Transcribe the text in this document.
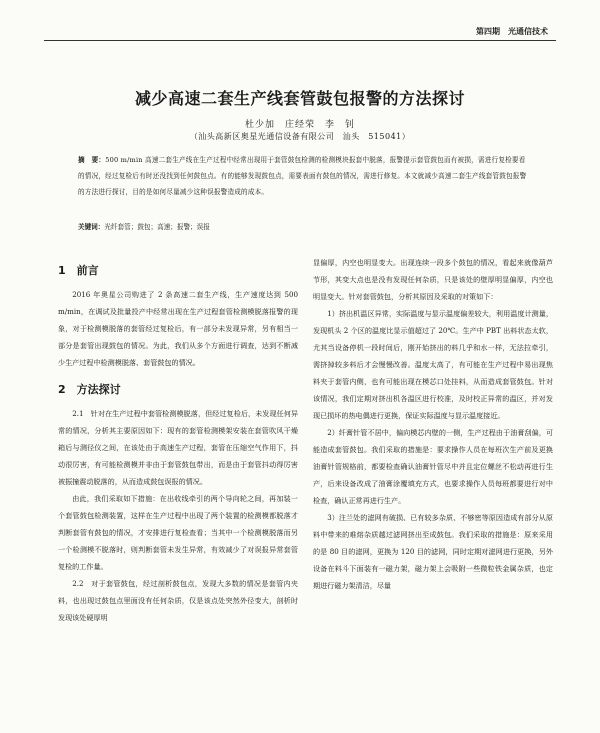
第四期　光通信技术
减少高速二套生产线套管鼓包报警的方法探讨
杜少加　庄经荣　李　钊
（汕头高新区奥星光通信设备有限公司　汕头　515041）
摘　要：500 m/min 高速二套生产线在生产过程中经常出现用于套管鼓包检测的检测模块报套中脱落，报警提示套管鼓包而有被损，需进行复检要看的情况，经过复检后有时还没找到任何鼓包点。有的能够发现鼓包点，需要表面有鼓包的情况，需进行修复。本文就减少高速二套生产线套管鼓包报警的方法进行探讨，目的是如何尽量减少这种误报警造成的成本。
关键词：光纤套管；鼓包；高速；报警；误报
1　前言

2016 年奥星公司购进了 2 条高速二套生产线，生产速度达到 500 m/min，在调试及批量投产中经常出现在生产过程套管检测模脱落报警的现象，对于检测模脱落的套管经过复检后，有一部分未发现异常，另有相当一部分是套管出现鼓包的情况。为此，我们从多个方面进行调查，达到不断减少生产过程中检测模脱落、套管鼓包的情况。

2　方法探讨

2.1　针对在生产过程中套管检测模脱落，但经过复检后，未发现任何异常的情况，分析其主要原因如下：现有的套管检测模架安装在套管吹风干燥箱后与测径仪之间，在该处由于高速生产过程，套管在压缩空气作用下，抖动很厉害，有可能检测模并非由于套管鼓包带出，而是由于套管抖动得厉害被振撞震动脱落的，从而造成鼓包误报的情况。

由此，我们采取如下措施：在出收线牵引的两个导向轮之间，再加装一个套管鼓包检测装置，这样在生产过程中出现了两个装置的检测模都脱落才判断套管有鼓包的情况，才安排进行复检查看；当其中一个检测模脱落而另一个检测模不脱落时，则判断套管未发生异常，有效减少了对误报异常套管复检的工作量。

2.2　对于套管鼓包，经过剖析鼓包点，发现大多数的情况是套管内夹料，也出现过鼓包点里面没有任何杂质，仅是该点处突然外径变大，剖析时发现该处硬厚明

显偏厚，内空也明显变大。出现连续一段多个鼓包的情况，看起来就像葫芦节形，其变大点也是没有发现任何杂质，只是该处的壁厚明显偏厚，内空也明显变大。针对套管鼓包，分析其原因及采取的对策如下：

1）挤出机温区异常，实际温度与显示温度偏差较大，利用温度计测量，发现机头 2 个区的温度比显示值超过了 20℃。生产中 PBT 出料状态太软，尤其当设备停机一段时间后，刚开始挤出的料几乎和水一样，无法拉牵引，需挤掉较多料后才会慢慢改善。温度太高了，有可能在生产过程中易出现焦料夹于套管内侧，也有可能出现在模芯口处挂料，从而造成套管鼓包。针对该情况，我们定期对挤出机各温区进行校准，及时校正异常的温区，并对发现已损坏的热电偶进行更换，保证实际温度与显示温度接近。

2）纤膏针管不居中，偏向模芯内壁的一侧，生产过程由于油膏刮偏，可能造成套管鼓包。我们采取的措施是：要求操作人员在每班次生产前及更换油膏针管规格前，都要检查确认油膏针管尽中并且定位螺丝不松动再进行生产，后来设备改成了油膏涂覆填充方式，也要求操作人员每班都要进行对中检查，确认正常再进行生产。

3）注兰处的滤网有破损、已有较多杂质、不够密等原因造成有部分从原料中带来的难熔杂质越过滤网挤出至成鼓包。我们采取的措施是：原来采用的是 80 目的滤网，更换为 120 目的滤网，同时定期对滤网进行更换，另外设备在料斗下面装有一磁力架，磁力架上会吸附一些微粒铁金属杂质，也定期进行磁力架清洁，尽量
